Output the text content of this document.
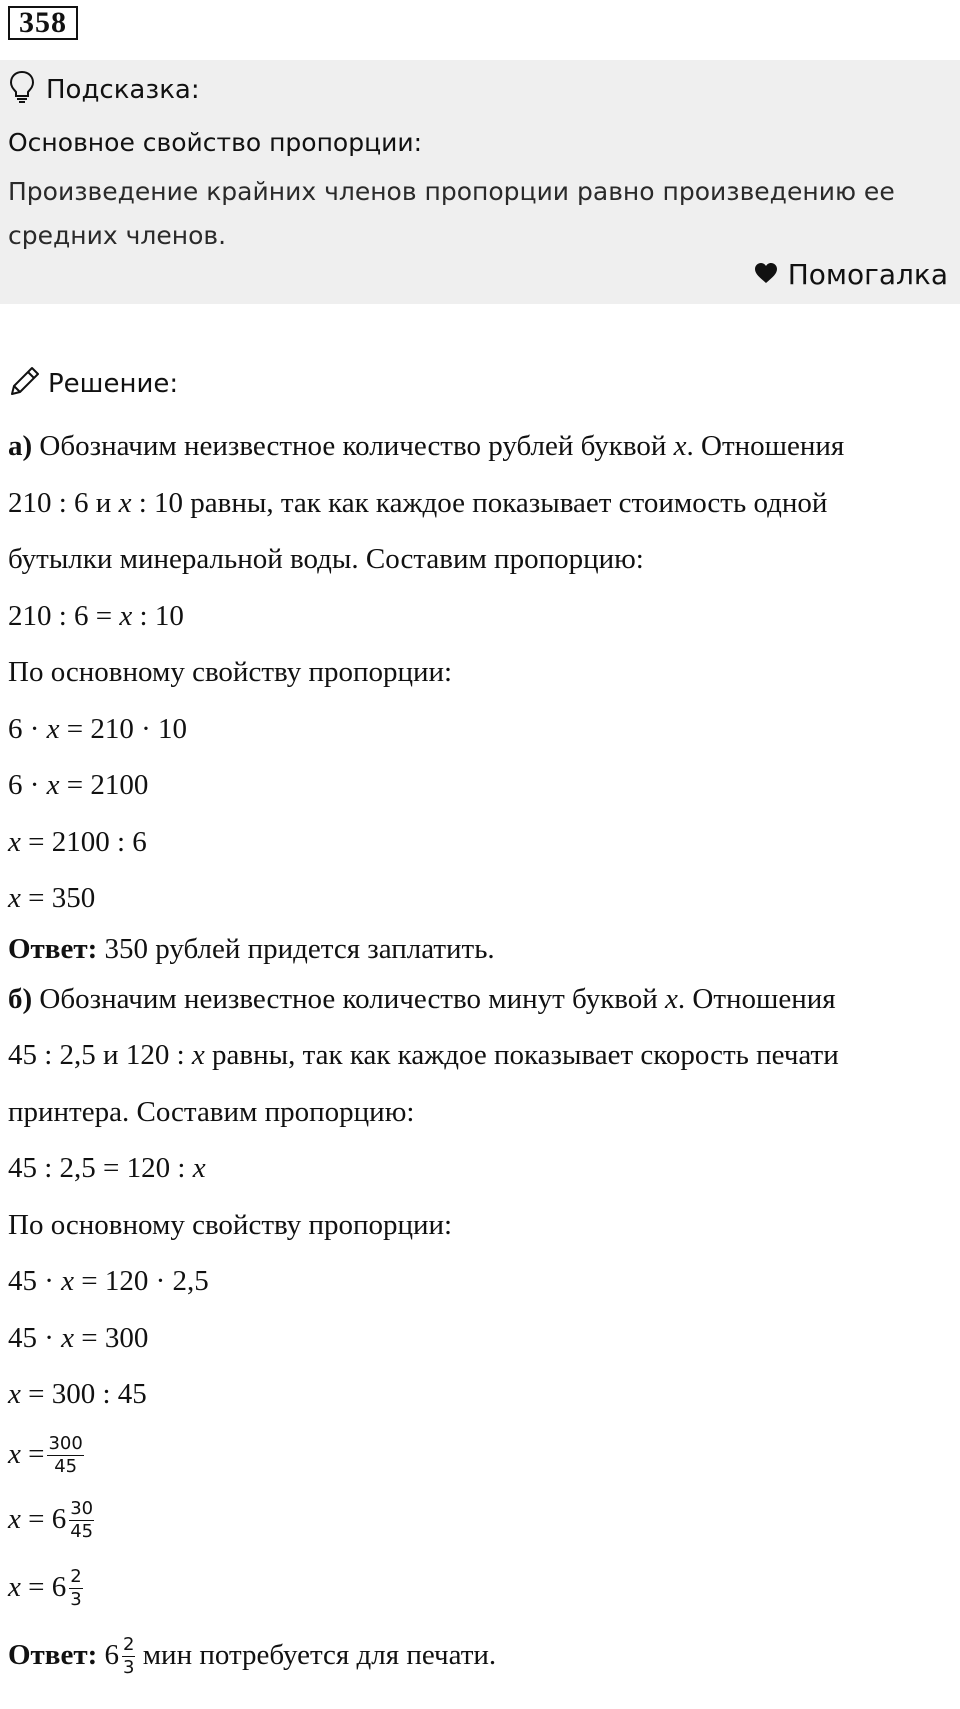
358
Подсказка:
Основное свойство пропорции:
Произведение крайних членов пропорции равно произведению ее средних членов.
Помогалка
Решение:
а) Обозначим неизвестное количество рублей буквой x. Отношения
210 : 6 и x : 10 равны, так как каждое показывает стоимость одной
бутылки минеральной воды. Составим пропорцию:
210 : 6 = x : 10
По основному свойству пропорции:
6 · x = 210 · 10
6 · x = 2100
x = 2100 : 6
x = 350
Ответ: 350 рублей придется заплатить.
б) Обозначим неизвестное количество минут буквой x. Отношения
45 : 2,5 и 120 : x равны, так как каждое показывает скорость печати
принтера. Составим пропорцию:
45 : 2,5 = 120 : x
По основному свойству пропорции:
45 · x = 120 · 2,5
45 · x = 300
x = 300 : 45
$x = \frac{300}{45}$
$x = 6 \frac{30}{45}$
$x = 6 \frac{2}{3}$
Ответ: $6 \frac{2}{3}$ мин потребуется для печати.
